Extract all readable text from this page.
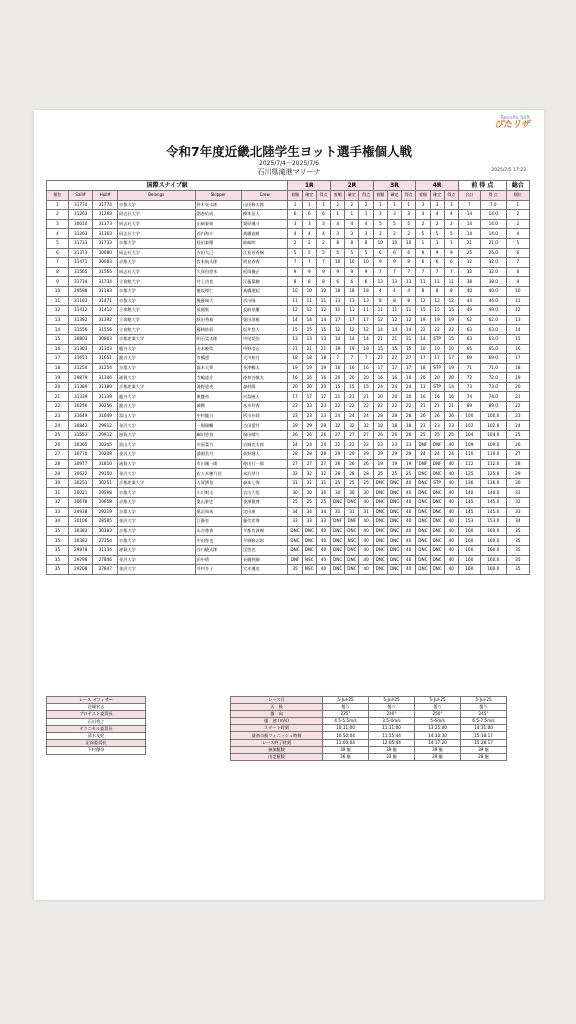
Results Soft
ぴたリザ
令和7年度近畿北陸学生ヨット選手権個人戦
2025/7/4～2025/7/6
石川県滝港マリーナ	2025/7/5 17:23
国際スナイプ級						1R			2R			3R			4R			前 得 点		総合
順位	Sail#	Hull#	Belongs	Skipper	Crew	着順	確定	得点	着順	確定	得点	着順	確定	得点	着順	確定	得点	合計	得 点	順位
1	31774	31774	京都大学	鈴木亮太郎	山田修太郎	1	1	1	2	2	2	1	1	1	3	3	3	7	7.0	1
2	31263	31263	同志社大学	酒巻佑成	柳本征人	6	6	6	1	1	1	3	3	3	4	4	4	14	14.0	2
3	30010	31373	同志社大学	山﨑泰知	栗原颯斗	3	3	3	4	4	4	5	5	5	2	2	2	14	14.0	2
4	31263	31363	同志社大学	西内海斗	髙橋直帆	4	4	4	3	3	3	2	2	2	5	5	5	14	14.0	4
5	31733	31733	京都大学	桂田泰陽	岐崎明	2	2	2	8	8	8	10	10	10	1	1	1	21	21.0	5
6	31373	30080	同志社大学	古田大己	江見若香樹	5	5	5	5	5	5	6	6	6	9	9	9	25	25.0	6
7	31471	30083	京都大学	宮本航太郎	明見香香	7	7	7	10	10	10	9	9	9	6	6	6	32	32.0	7
8	31565	31565	同志社大学	久保田悠木	松岡優正	9	9	9	9	9	9	7	7	7	7	7	7	32	32.0	8
9	31734	31734	立命館大学	井上功也	江藤菜穂	8	8	8	6	6	6	13	13	13	11	11	11	38	38.0	9
10	29598	31183	京都大学	亀坂理仁	髙橋遼起	10	10	10	18	18	18	4	4	4	8	8	8	40	40.0	10
11	31183	31471	京都大学	後藤瑞大	西川隆	11	11	11	13	13	13	8	8	8	12	12	12	44	44.0	11
12	31412	31412	立命館大学	前園集	直前泉慶	12	12	12	11	11	11	11	11	11	15	15	15	49	49.0	12
13	31392	31392	立命館大学	秋田秀真	奥田涼雅	14	14	14	17	17	17	12	12	12	19	19	19	62	62.0	13
14	31556	31556	立命館大学	藤林紗彩	坂井悠人	15	15	15	12	12	12	14	14	14	22	22	22	63	63.0	14
15	30803	30803	京都産業大学	明石晃太郎	中尾晃弥	13	13	13	14	14	14	21	21	21	14	STP	15	63	63.0	15
16	31303	31303	龍谷大学	永木暁哉	中野浩志	21	21	21	19	19	19	15	15	15	10	10	10	65	65.0	16
17	31651	31651	龍谷大学	市橋遼	大川裕月	18	18	18	7	7	7	27	27	27	17	17	17	69	69.0	17
18	31254	31254	京都大学	髙木大夢	井津暢太	19	19	19	16	16	16	17	17	17	18	STP	19	71	71.0	18
19	29879	31346	滋賀大学	寺嶋凌介	徳和谷慎太	16	16	16	20	20	20	16	16	16	20	20	20	72	72.0	19
20	31389	31389	京都産業大学	淺野凌央	森村陽	20	20	20	15	15	15	24	24	24	13	STP	14	73	73.0	20
21	31339	31339	龍谷大学	東慶帝	河島暁人	17	17	17	21	21	21	20	20	20	16	16	16	74	74.0	21
22	30256	30256	龍谷大学	城輝	本多玲香	23	23	23	22	22	22	22	22	22	21	21	21	89	89.0	22
23	31649	31649	富山大学	中村龍日	所川亦莉	23	23	23	24	24	24	28	28	28	26	26	26	100	100.0	23
24	30843	29912	金沢大学	一場瑞暢	古田愛怜	29	29	29	32	32	32	18	18	18	23	23	23	102	102.0	24
25	31553	29912	滋賀大学	綱川悠登	堀田晴久	26	26	26	27	27	27	26	26	26	25	25	25	104	104.0	25
26	30305	30305	富山大学	川原菜乃	岩城亮太郎	24	24	24	22	22	22	23	23	23	DNF	DNF	40	109	109.0	26
27	30770	29208	金沢大学	浦園美月	荻野健人	28	28	28	29	29	29	29	29	29	24	24	24	110	110.0	27
28	30977	31810	滋賀大学	市川颯一朗	徳田行一郎	27	27	27	26	26	26	19	19	19	DNF	DNF	40	112	112.0	28
29	30622	29150	金沢大学	佐々木穂乃佳	米沢昂介	32	32	32	28	28	28	25	25	25	DNC	DNC	40	125	125.0	29
30	30251	30251	京都産業大学	古賀湧也	森本七海	31	31	31	25	25	25	DNC	DNC	40	DNC	STP	40	136	136.0	30
31	26021	29598	京都大学	小川唄太	岩川大悟	30	30	30	30	30	30	DNC	DNC	40	DNC	DNC	40	140	140.0	31
32	30678	29658	京都大学	奥山景史	金澤俊博	25	25	25	DNC	DNC	40	DNC	DNC	40	DNC	DNC	40	145	145.0	32
33	24938	29219	京都大学	黒岩和馬	定田康	34	34	34	31	31	31	DNC	DNC	40	DNC	DNC	40	145	145.0	33
34	30106	28585	金沢大学	江藤亮	藤代希海	33	33	33	DNF	DNF	40	DNC	DNC	40	DNC	DNC	40	153	153.0	34
35	30383	30383	京都大学	永吉尊香	平都宮波瑚	DNC	DNC	40	DNC	DNC	40	DNC	DNC	40	DNC	DNC	40	160	160.0	35
35	30383	27354	京都大学	中田智也	平城修志郎	DNC	DNC	40	DNC	NSC	40	DNC	DNC	40	DNC	DNC	40	160	160.0	35
35	29878	31134	滋賀大学	谷口峻太郎	辻悠也	DNC	DNC	40	DNC	DNC	40	DNC	DNC	40	DNC	DNC	40	160	160.0	35
35	29798	27846	金沢大学	田中碧	長橋照騎	DNF	NSC	40	DNC	DNC	40	DNC	DNC	40	DNC	DNC	40	160	160.0	35
35	29208	27847	金沢大学	井村多子	大木颯也	35	NSC	40	DNC	DNC	40	DNC	DNC	40	DNC	DNC	40	160	160.0	35
レース オフィサー
岩城宏志
プロテスト委員長
石川秀之
テクニカル委員長
清水友紀
記録委員長
下村優奈
レース日	5-Jul-25	5-Jul-25	5-Jul-25	5-Jul-25
天　候	曇り	曇り	曇り	曇り
風　向	225°	240°	250°	245°
風　速 (m/s)	4.5-5.5m/s	3.5-4m/s	5-6m/s	6.5-7.5m/s
スタート時刻	10:11:00	11:11:00	13:25:00	14:31:00
最初の艇フィニッシュ時刻	10:50:04	11:55:44	14:10:30	15:18:17
レース終了時刻	11:00:04	12:05:44	14:17:20	15:28:17
参加艇数	39 艇	39 艇	39 艇	39 艇
出走艇数	36 艇	33 艇	29 艇	28 艇
